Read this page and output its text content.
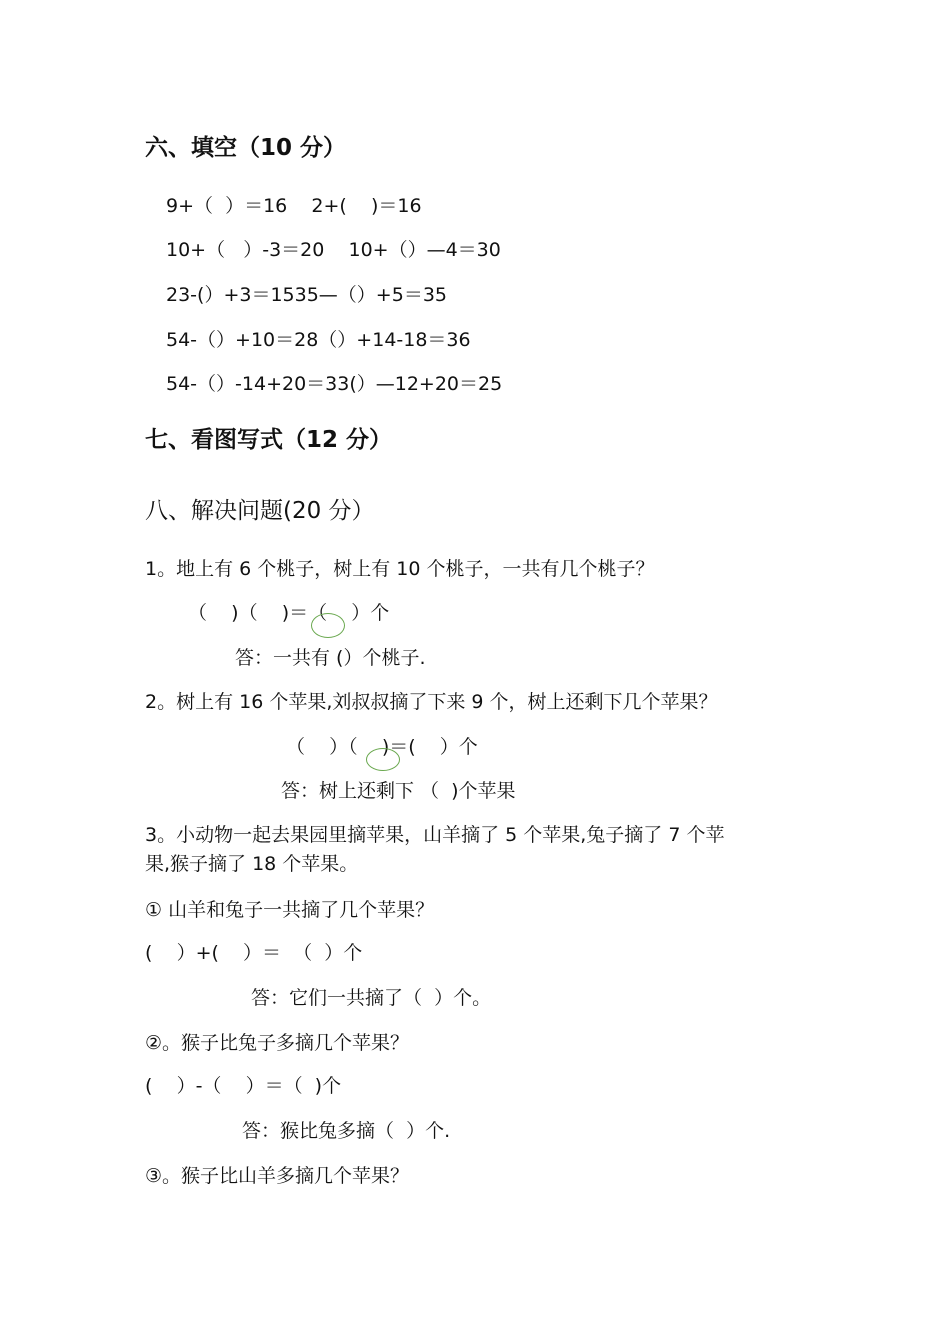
六、填空（10 分）
9+（  ）＝16    2+(    )＝16
10+（   ）-3＝20    10+（）—4＝30
23-(）+3＝1535—（）+5＝35
54-（）+10＝28（）+14-18＝36
54-（）-14+20＝33(）—12+20＝25
七、看图写式（12 分）
八、解决问题(20 分）
1。地上有 6 个桃子，树上有 10 个桃子，一共有几个桃子？
（    )（    )＝（    ）个
答：一共有 (）个桃子.
2。树上有 16 个苹果,刘叔叔摘了下来 9 个，树上还剩下几个苹果？
（    ）（    )＝(    ）个
答：树上还剩下 （  )个苹果
3。小动物一起去果园里摘苹果，山羊摘了 5 个苹果,兔子摘了 7 个苹
果,猴子摘了 18 个苹果。
① 山羊和兔子一共摘了几个苹果？
(    ）+(    ）＝  （  ）个
答：它们一共摘了（  ）个。
②。猴子比兔子多摘几个苹果？
(    ）-（    ）＝（  )个
答：猴比兔多摘（  ）个.
③。猴子比山羊多摘几个苹果？
